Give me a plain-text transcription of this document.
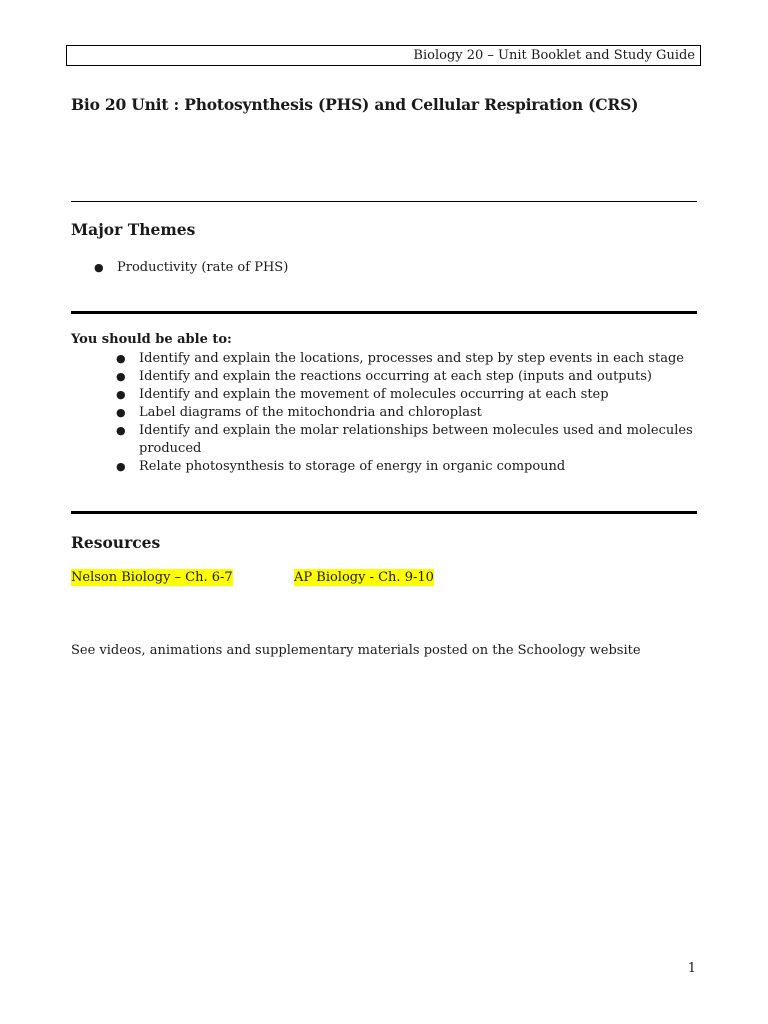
Biology 20 – Unit Booklet and Study Guide
Bio 20 Unit : Photosynthesis (PHS) and Cellular Respiration (CRS)
Major Themes
● Productivity (rate of PHS)
You should be able to:
● Identify and explain the locations, processes and step by step events in each stage
● Identify and explain the reactions occurring at each step (inputs and outputs)
● Identify and explain the movement of molecules occurring at each step
● Label diagrams of the mitochondria and chloroplast
● Identify and explain the molar relationships between molecules used and molecules produced
● Relate photosynthesis to storage of energy in organic compound
Resources
Nelson Biology – Ch. 6-7	AP Biology - Ch. 9-10
See videos, animations and supplementary materials posted on the Schoology website
1
